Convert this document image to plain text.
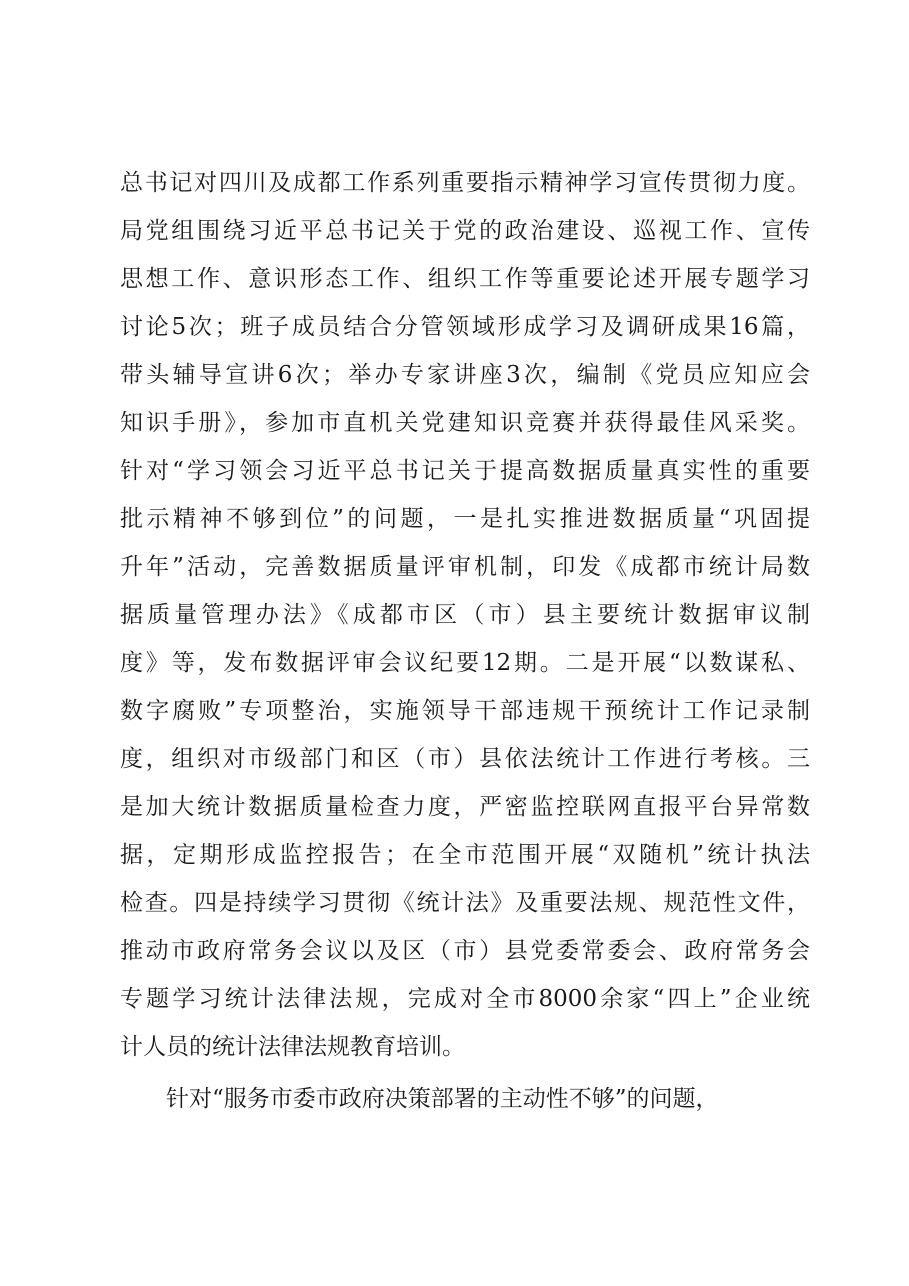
总书记对四川及成都工作系列重要指示精神学习宣传贯彻力度。
局党组围绕习近平总书记关于党的政治建设、巡视工作、宣传
思想工作、意识形态工作、组织工作等重要论述开展专题学习
讨论5次；班子成员结合分管领域形成学习及调研成果16篇，
带头辅导宣讲6次；举办专家讲座3次，编制《党员应知应会
知识手册》，参加市直机关党建知识竞赛并获得最佳风采奖。
针对“学习领会习近平总书记关于提高数据质量真实性的重要
批示精神不够到位”的问题，一是扎实推进数据质量“巩固提
升年”活动，完善数据质量评审机制，印发《成都市统计局数
据质量管理办法》《成都市区（市）县主要统计数据审议制
度》等，发布数据评审会议纪要12期。二是开展“以数谋私、
数字腐败”专项整治，实施领导干部违规干预统计工作记录制
度，组织对市级部门和区（市）县依法统计工作进行考核。三
是加大统计数据质量检查力度，严密监控联网直报平台异常数
据，定期形成监控报告；在全市范围开展“双随机”统计执法
检查。四是持续学习贯彻《统计法》及重要法规、规范性文件，
推动市政府常务会议以及区（市）县党委常委会、政府常务会
专题学习统计法律法规，完成对全市8000余家“四上”企业统
计人员的统计法律法规教育培训。
针对“服务市委市政府决策部署的主动性不够”的问题，
